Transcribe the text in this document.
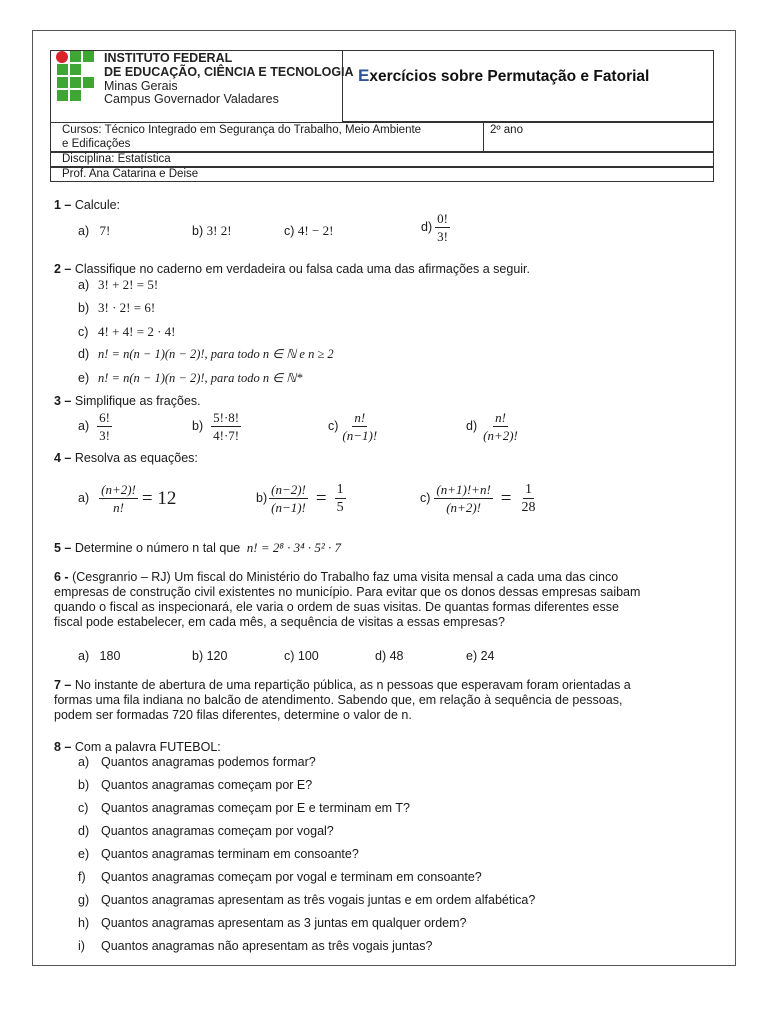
INSTITUTO FEDERAL
DE EDUCAÇÃO, CIÊNCIA E TECNOLOGIA
Minas Gerais
Campus Governador Valadares
Exercícios sobre Permutação e Fatorial
Cursos: Técnico Integrado em Segurança do Trabalho, Meio Ambiente
e Edificações
2º ano
Disciplina: Estatística
Prof. Ana Catarina e Deise
1 – Calcule:
a) 7!	b) 3! 2!	c) 4! − 2!	$d) \frac{0!}{3!}$
2 – Classifique no caderno em verdadeira ou falsa cada uma das afirmações a seguir.
a) 3! + 2! = 5!
b) 3! · 2! = 6!
c) 4! + 4! = 2 · 4!
d) n! = n(n − 1)(n − 2)!, para todo n ∈ ℕ e n ≥ 2
e) n! = n(n − 1)(n − 2)!, para todo n ∈ ℕ*
3 – Simplifique as frações.
$a) \frac{6!}{3!}$	$b) \frac{5!\cdot 8!}{4!\cdot 7!}$	$c) \frac{n!}{(n-1)!}$	$d) \frac{n!}{(n+2)!}$
4 – Resolva as equações:
$a) \frac{(n+2)!}{n!} = 12$	$b) \frac{(n-2)!}{(n-1)!} = \frac{1}{5}$	$c) \frac{(n+1)!+n!}{(n+2)!} = \frac{1}{28}$
5 – Determine o número n tal que n! = 2⁸ · 3⁴ · 5² · 7
6 - (Cesgranrio – RJ) Um fiscal do Ministério do Trabalho faz uma visita mensal a cada uma das cinco
empresas de construção civil existentes no município. Para evitar que os donos dessas empresas saibam
quando o fiscal as inspecionará, ele varia o ordem de suas visitas. De quantas formas diferentes esse
fiscal pode estabelecer, em cada mês, a sequência de visitas a essas empresas?
a) 180	b) 120	c) 100	d) 48	e) 24
7 – No instante de abertura de uma repartição pública, as n pessoas que esperavam foram orientadas a
formas uma fila indiana no balcão de atendimento. Sabendo que, em relação à sequência de pessoas,
podem ser formadas 720 filas diferentes, determine o valor de n.
8 – Com a palavra FUTEBOL:
a) Quantos anagramas podemos formar?
b) Quantos anagramas começam por E?
c) Quantos anagramas começam por E e terminam em T?
d) Quantos anagramas começam por vogal?
e) Quantos anagramas terminam em consoante?
f) Quantos anagramas começam por vogal e terminam em consoante?
g) Quantos anagramas apresentam as três vogais juntas e em ordem alfabética?
h) Quantos anagramas apresentam as 3 juntas em qualquer ordem?
i) Quantos anagramas não apresentam as três vogais juntas?
